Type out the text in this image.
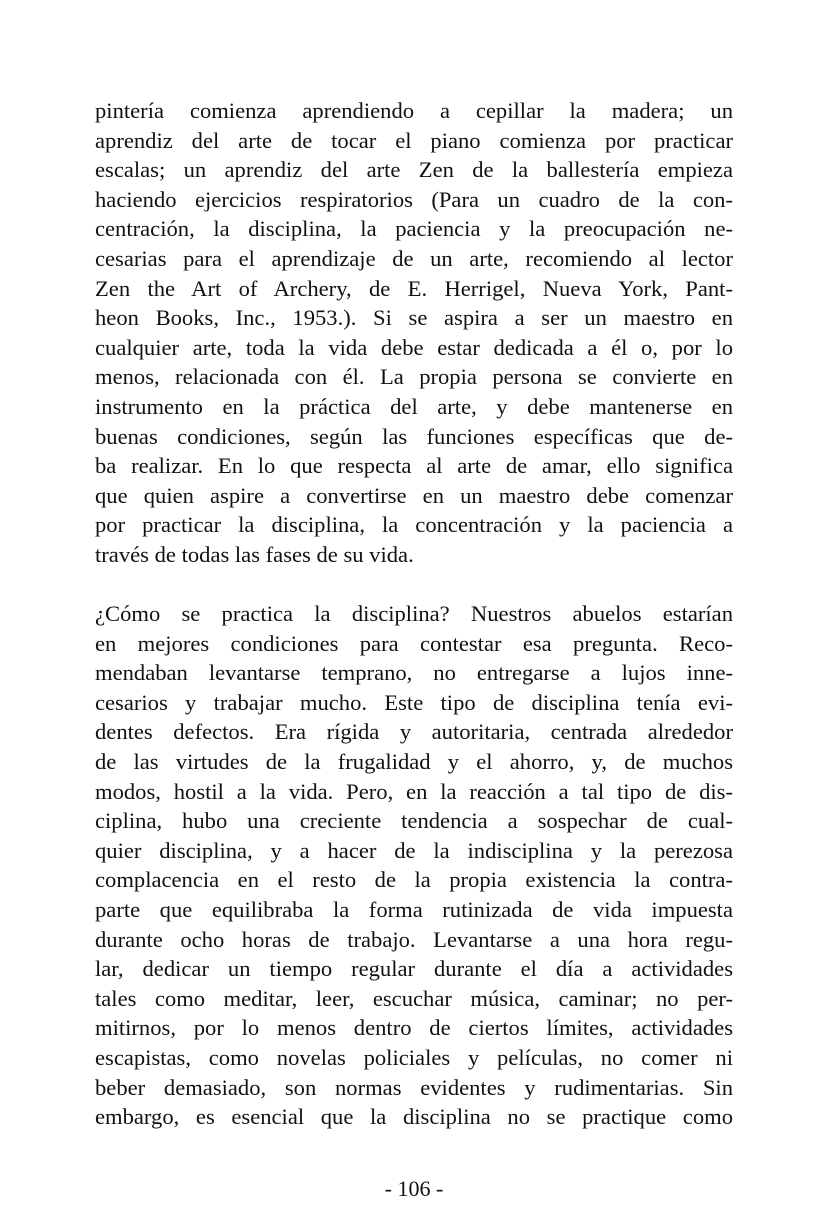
pintería comienza aprendiendo a cepillar la madera; un
aprendiz del arte de tocar el piano comienza por practicar
escalas; un aprendiz del arte Zen de la ballestería empieza
haciendo ejercicios respiratorios (Para un cuadro de la con-
centración, la disciplina, la paciencia y la preocupación ne-
cesarias para el aprendizaje de un arte, recomiendo al lector
Zen the Art of Archery, de E. Herrigel, Nueva York, Pant-
heon Books, Inc., 1953.). Si se aspira a ser un maestro en
cualquier arte, toda la vida debe estar dedicada a él o, por lo
menos, relacionada con él. La propia persona se convierte en
instrumento en la práctica del arte, y debe mantenerse en
buenas condiciones, según las funciones específicas que de-
ba realizar. En lo que respecta al arte de amar, ello significa
que quien aspire a convertirse en un maestro debe comenzar
por practicar la disciplina, la concentración y la paciencia a
través de todas las fases de su vida.
¿Cómo se practica la disciplina? Nuestros abuelos estarían
en mejores condiciones para contestar esa pregunta. Reco-
mendaban levantarse temprano, no entregarse a lujos inne-
cesarios y trabajar mucho. Este tipo de disciplina tenía evi-
dentes defectos. Era rígida y autoritaria, centrada alrededor
de las virtudes de la frugalidad y el ahorro, y, de muchos
modos, hostil a la vida. Pero, en la reacción a tal tipo de dis-
ciplina, hubo una creciente tendencia a sospechar de cual-
quier disciplina, y a hacer de la indisciplina y la perezosa
complacencia en el resto de la propia existencia la contra-
parte que equilibraba la forma rutinizada de vida impuesta
durante ocho horas de trabajo. Levantarse a una hora regu-
lar, dedicar un tiempo regular durante el día a actividades
tales como meditar, leer, escuchar música, caminar; no per-
mitirnos, por lo menos dentro de ciertos límites, actividades
escapistas, como novelas policiales y películas, no comer ni
beber demasiado, son normas evidentes y rudimentarias. Sin
embargo, es esencial que la disciplina no se practique como
- 106 -
